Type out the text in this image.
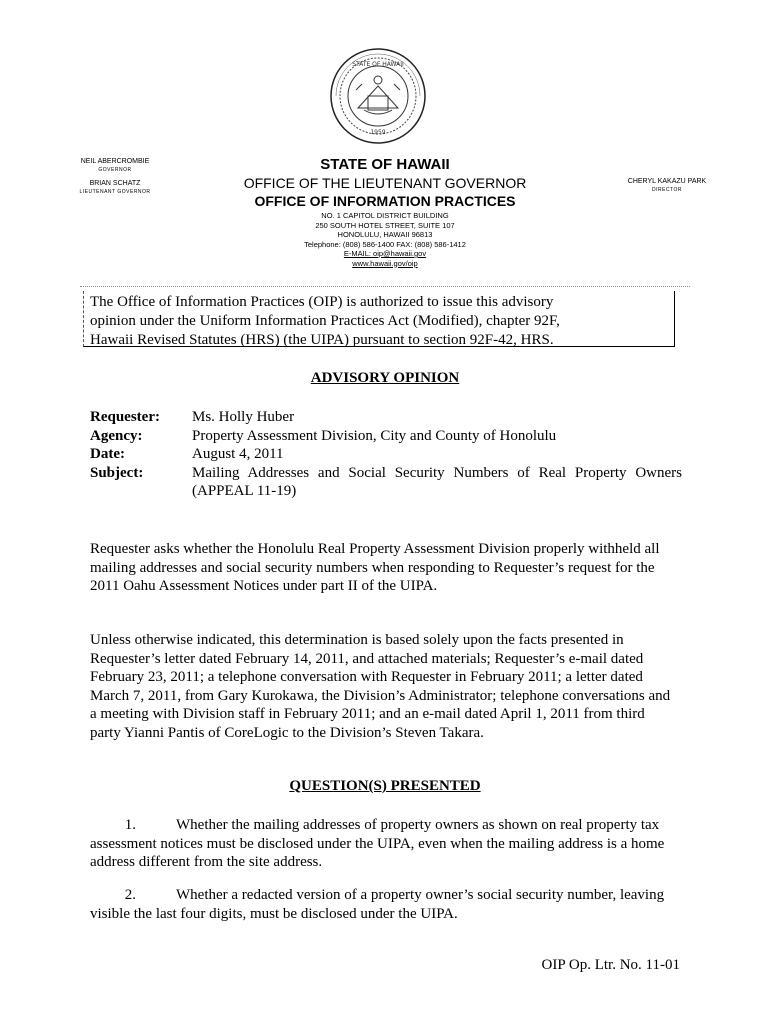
STATE OF HAWAII
1959
NEIL ABERCROMBIE
GOVERNOR
BRIAN SCHATZ
LIEUTENANT GOVERNOR
CHERYL KAKAZU PARK
DIRECTOR
STATE OF HAWAII
OFFICE OF THE LIEUTENANT GOVERNOR
OFFICE OF INFORMATION PRACTICES
NO. 1 CAPITOL DISTRICT BUILDING
250 SOUTH HOTEL STREET, SUITE 107
HONOLULU, HAWAII 96813
Telephone: (808) 586-1400 FAX: (808) 586-1412
E-MAIL: oip@hawaii.gov
www.hawaii.gov/oip
The Office of Information Practices (OIP) is authorized to issue this advisory
opinion under the Uniform Information Practices Act (Modified), chapter 92F,
Hawaii Revised Statutes (HRS) (the UIPA) pursuant to section 92F-42, HRS.
ADVISORY OPINION
Requester:	Ms. Holly Huber
Agency:	Property Assessment Division, City and County of Honolulu
Date:	August 4, 2011
Subject:	Mailing Addresses and Social Security Numbers of Real Property Owners (APPEAL 11-19)
Requester asks whether the Honolulu Real Property Assessment Division properly withheld all mailing addresses and social security numbers when responding to Requester’s request for the 2011 Oahu Assessment Notices under part II of the UIPA.
Unless otherwise indicated, this determination is based solely upon the facts presented in Requester’s letter dated February 14, 2011, and attached materials; Requester’s e-mail dated February 23, 2011; a telephone conversation with Requester in February 2011; a letter dated March 7, 2011, from Gary Kurokawa, the Division’s Administrator; telephone conversations and a meeting with Division staff in February 2011; and an e-mail dated April 1, 2011 from third party Yianni Pantis of CoreLogic to the Division’s Steven Takara.
QUESTION(S) PRESENTED
1.	Whether the mailing addresses of property owners as shown on real property tax assessment notices must be disclosed under the UIPA, even when the mailing address is a home address different from the site address.
2.	Whether a redacted version of a property owner’s social security number, leaving visible the last four digits, must be disclosed under the UIPA.
OIP Op. Ltr. No. 11-01
